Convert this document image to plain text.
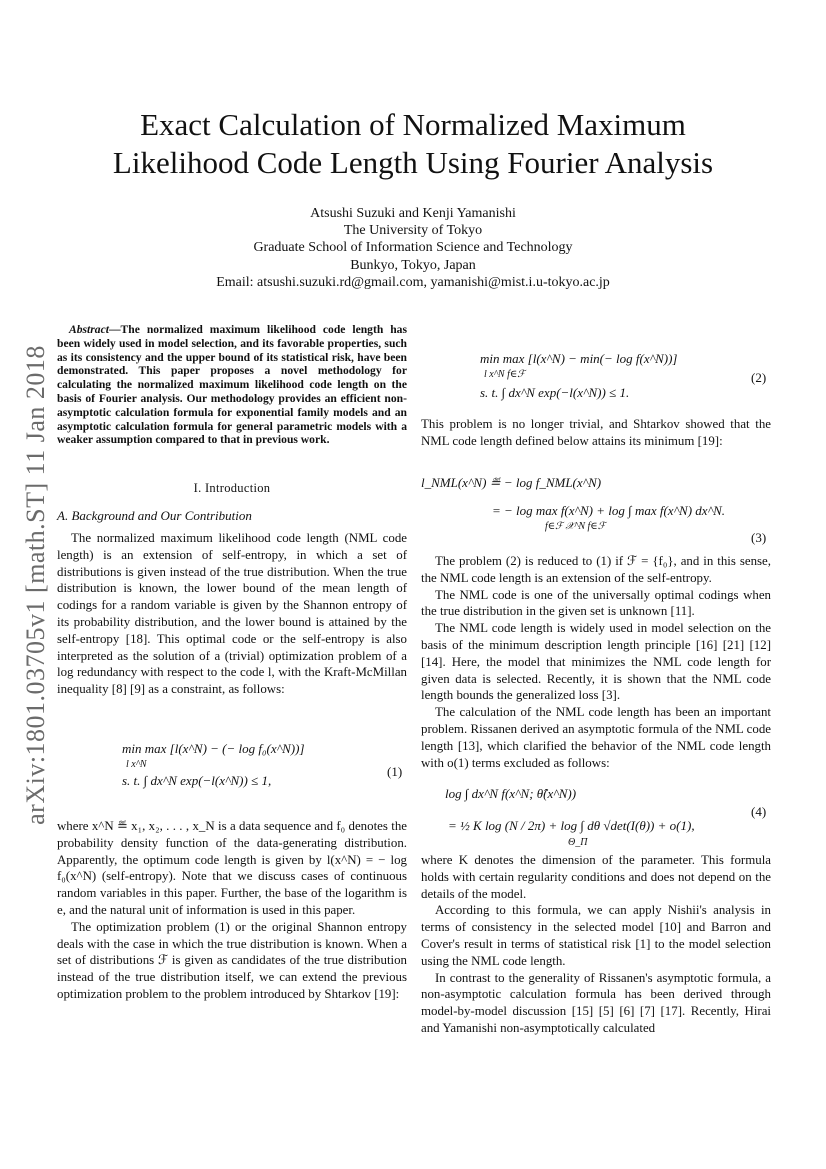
Exact Calculation of Normalized Maximum
Likelihood Code Length Using Fourier Analysis
Atsushi Suzuki and Kenji Yamanishi
The University of Tokyo
Graduate School of Information Science and Technology
Bunkyo, Tokyo, Japan
Email: atsushi.suzuki.rd@gmail.com, yamanishi@mist.i.u-tokyo.ac.jp
arXiv:1801.03705v1 [math.ST] 11 Jan 2018
Abstract—The normalized maximum likelihood code length has been widely used in model selection, and its favorable properties, such as its consistency and the upper bound of its statistical risk, have been demonstrated. This paper proposes a novel methodology for calculating the normalized maximum likelihood code length on the basis of Fourier analysis. Our methodology provides an efficient non-asymptotic calculation formula for exponential family models and an asymptotic calculation formula for general parametric models with a weaker assumption compared to that in previous work.
I. Introduction
A. Background and Our Contribution

The normalized maximum likelihood code length (NML code length) is an extension of self-entropy, in which a set of distributions is given instead of the true distribution. When the true distribution is known, the lower bound of the mean length of codings for a random variable is given by the Shannon entropy of its probability distribution, and the lower bound is attained by the self-entropy [18]. This optimal code or the self-entropy is also interpreted as the solution of a (trivial) optimization problem of a log redundancy with respect to the code l, with the Kraft-McMillan inequality [8] [9] as a constraint, as follows:

min max [l(x^N) − (− log f₀(x^N))]
l x^N
s. t. ∫ dx^N exp(−l(x^N)) ≤ 1,
(1)

where x^N ≝ x₁, x₂, . . . , x_N is a data sequence and f₀ denotes the probability density function of the data-generating distribution. Apparently, the optimum code length is given by l(x^N) = − log f₀(x^N) (self-entropy). Note that we discuss cases of continuous random variables in this paper. Further, the base of the logarithm is e, and the natural unit of information is used in this paper.

The optimization problem (1) or the original Shannon entropy deals with the case in which the true distribution is known. When a set of distributions ℱ is given as candidates of the true distribution instead of the true distribution itself, we can extend the previous optimization problem to the problem introduced by Shtarkov [19]:

min max [l(x^N) − min(− log f(x^N))]
l x^N f∈ℱ
s. t. ∫ dx^N exp(−l(x^N)) ≤ 1.
(2)

This problem is no longer trivial, and Shtarkov showed that the NML code length defined below attains its minimum [19]:

l_NML(x^N) ≝ − log f_NML(x^N)
= − log max f(x^N) + log ∫ max f(x^N) dx^N.
f∈ℱ 𝒳^N f∈ℱ
(3)

The problem (2) is reduced to (1) if ℱ = {f₀}, and in this sense, the NML code length is an extension of the self-entropy.

The NML code is one of the universally optimal codings when the true distribution in the given set is unknown [11].

The NML code length is widely used in model selection on the basis of the minimum description length principle [16] [21] [12] [14]. Here, the model that minimizes the NML code length for given data is selected. Recently, it is shown that the NML code length bounds the generalized loss [3].

The calculation of the NML code length has been an important problem. Rissanen derived an asymptotic formula of the NML code length [13], which clarified the behavior of the NML code length with o(1) terms excluded as follows:

log ∫ dx^N f(x^N; θ̂(x^N))
= ½ K log (N / 2π) + log ∫ dθ √det(I(θ)) + o(1),
Θ_Π
(4)

where K denotes the dimension of the parameter. This formula holds with certain regularity conditions and does not depend on the details of the model.

According to this formula, we can apply Nishii's analysis in terms of consistency in the selected model [10] and Barron and Cover's result in terms of statistical risk [1] to the model selection using the NML code length.

In contrast to the generality of Rissanen's asymptotic formula, a non-asymptotic calculation formula has been derived through model-by-model discussion [15] [5] [6] [7] [17]. Recently, Hirai and Yamanishi non-asymptotically calculated
